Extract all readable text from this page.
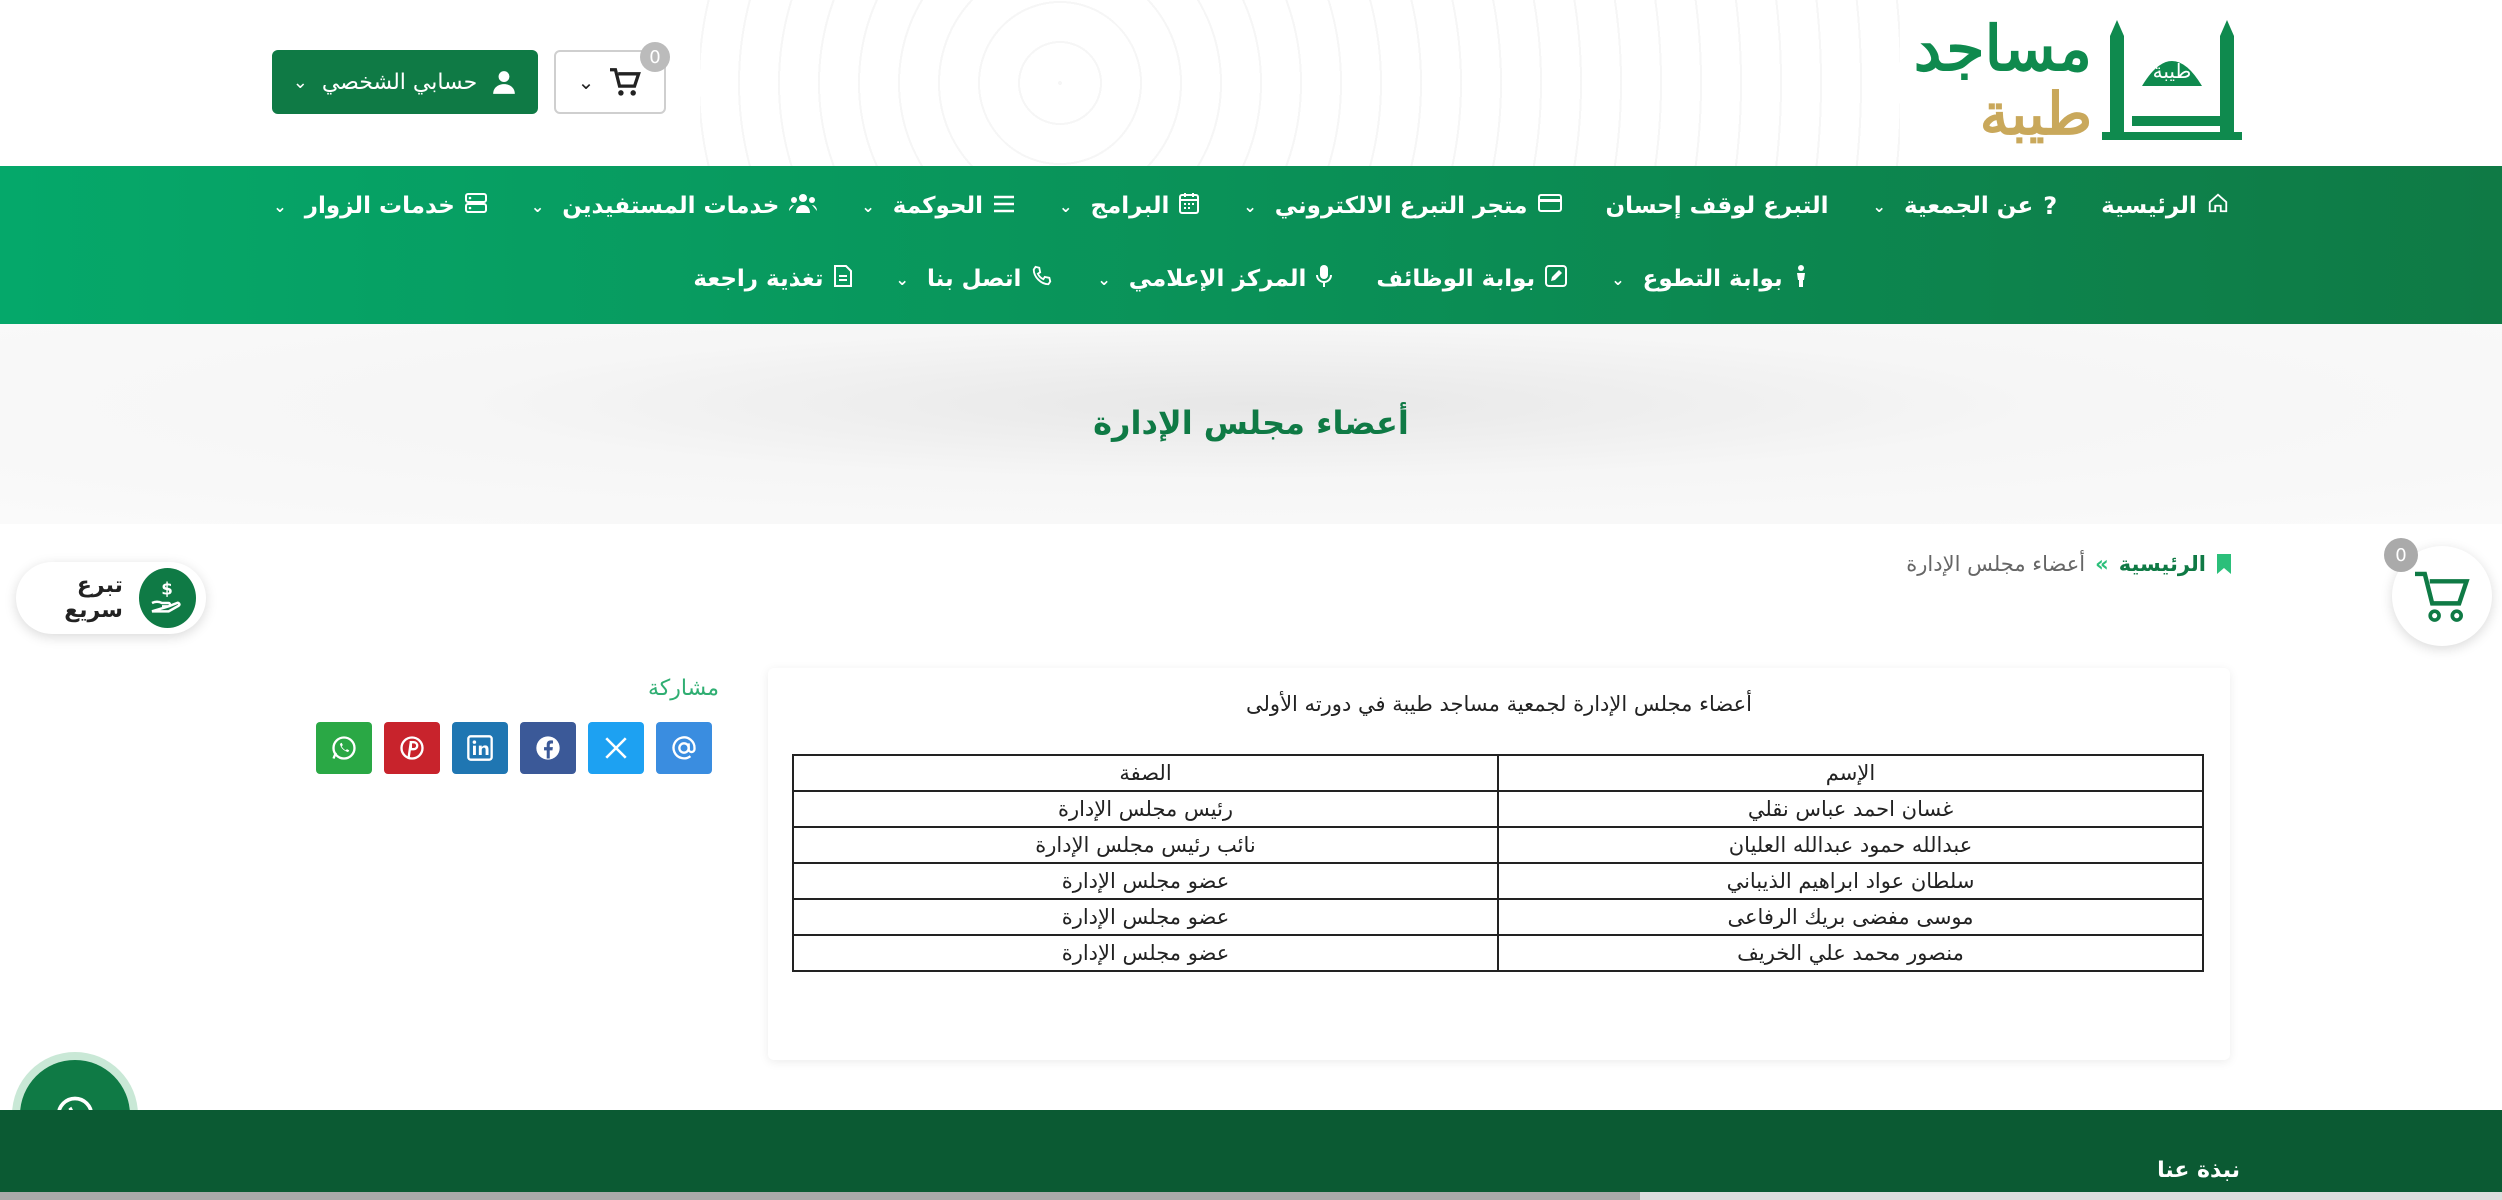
مساجد
طيبة
طيبة
حسابي الشخصي
⌄	⌄
0
الرئيسية
?
عن الجمعية
⌄
التبرع لوقف إحسان
متجر التبرع الالكتروني
⌄
البرامج
⌄
الحوكمة
⌄
خدمات المستفيدين
⌄
خدمات الزوار
⌄
بوابة التطوع
⌄
بوابة الوظائف
المركز الإعلامي
⌄
اتصل بنا
⌄
تغذية راجعة
أعضاء مجلس الإدارة
الرئيسية
»
أعضاء مجلس الإدارة
أعضاء مجلس الإدارة لجمعية مساجد طيبة في دورته الأولى
الإسم	الصفة
غسان احمد عباس نقلي	رئيس مجلس الإدارة
عبدالله حمود عبدالله العليان	نائب رئيس مجلس الإدارة
سلطان عواد ابراهيم الذيباني	عضو مجلس الإدارة
موسى مفضى بريك الرفاعى	عضو مجلس الإدارة
منصور محمد علي الخريف	عضو مجلس الإدارة
مشاركة
$
تبرع سريع
0
نبذة عنا
